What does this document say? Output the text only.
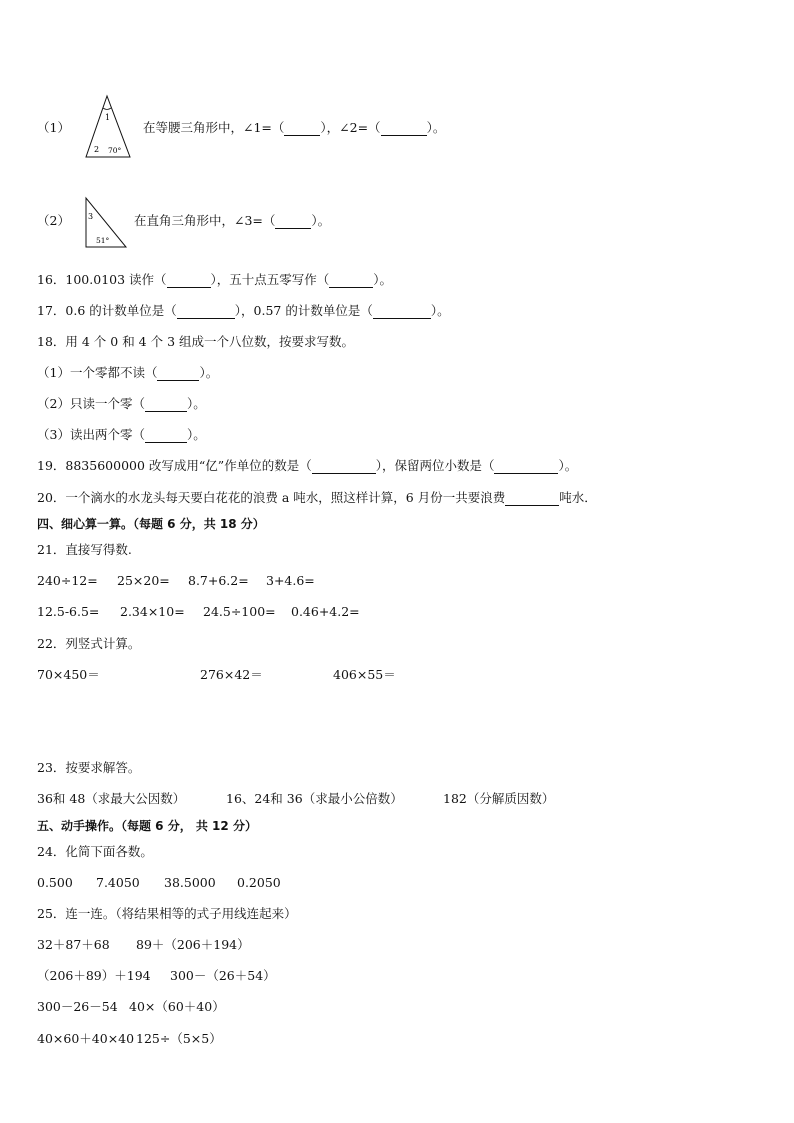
（1）
1
2 70°
在等腰三角形中，∠1=（	），∠2=（	）。
（2） 3
51°
在直角三角形中，∠3=（	）。
16．100.0103 读作（	），五十点五零写作（	）。
17．0.6 的计数单位是（	），0.57 的计数单位是（	）。
18．用 4 个 0 和 4 个 3 组成一个八位数，按要求写数。
（1）一个零都不读（	）。
（2）只读一个零（	）。
（3）读出两个零（	）。
19．8835600000 改写成用“亿”作单位的数是（	），保留两位小数是（	）。
20．一个滴水的水龙头每天要白花花的浪费 a 吨水，照这样计算，6 月份一共要浪费	吨水．
四、细心算一算。（每题 6 分，共 18 分）
21．直接写得数.
240÷12= 25×20= 8.7+6.2= 3+4.6=
12.5-6.5= 2.34×10= 24.5÷100= 0.46+4.2=
22．列竖式计算。
70×450＝	276×42＝	406×55＝
23．按要求解答。
36和 48（求最大公因数）	16、24和 36（求最小公倍数）	182（分解质因数）
五、动手操作。（每题 6 分， 共 12 分）
24．化简下面各数。
0.500 7.4050 38.5000 0.2050
25．连一连。（将结果相等的式子用线连起来）
32＋87＋68 89＋（206＋194）
（206＋89）＋194 300－（26＋54）
300－26－54 40×（60＋40）
40×60＋40×40 125÷（5×5）
